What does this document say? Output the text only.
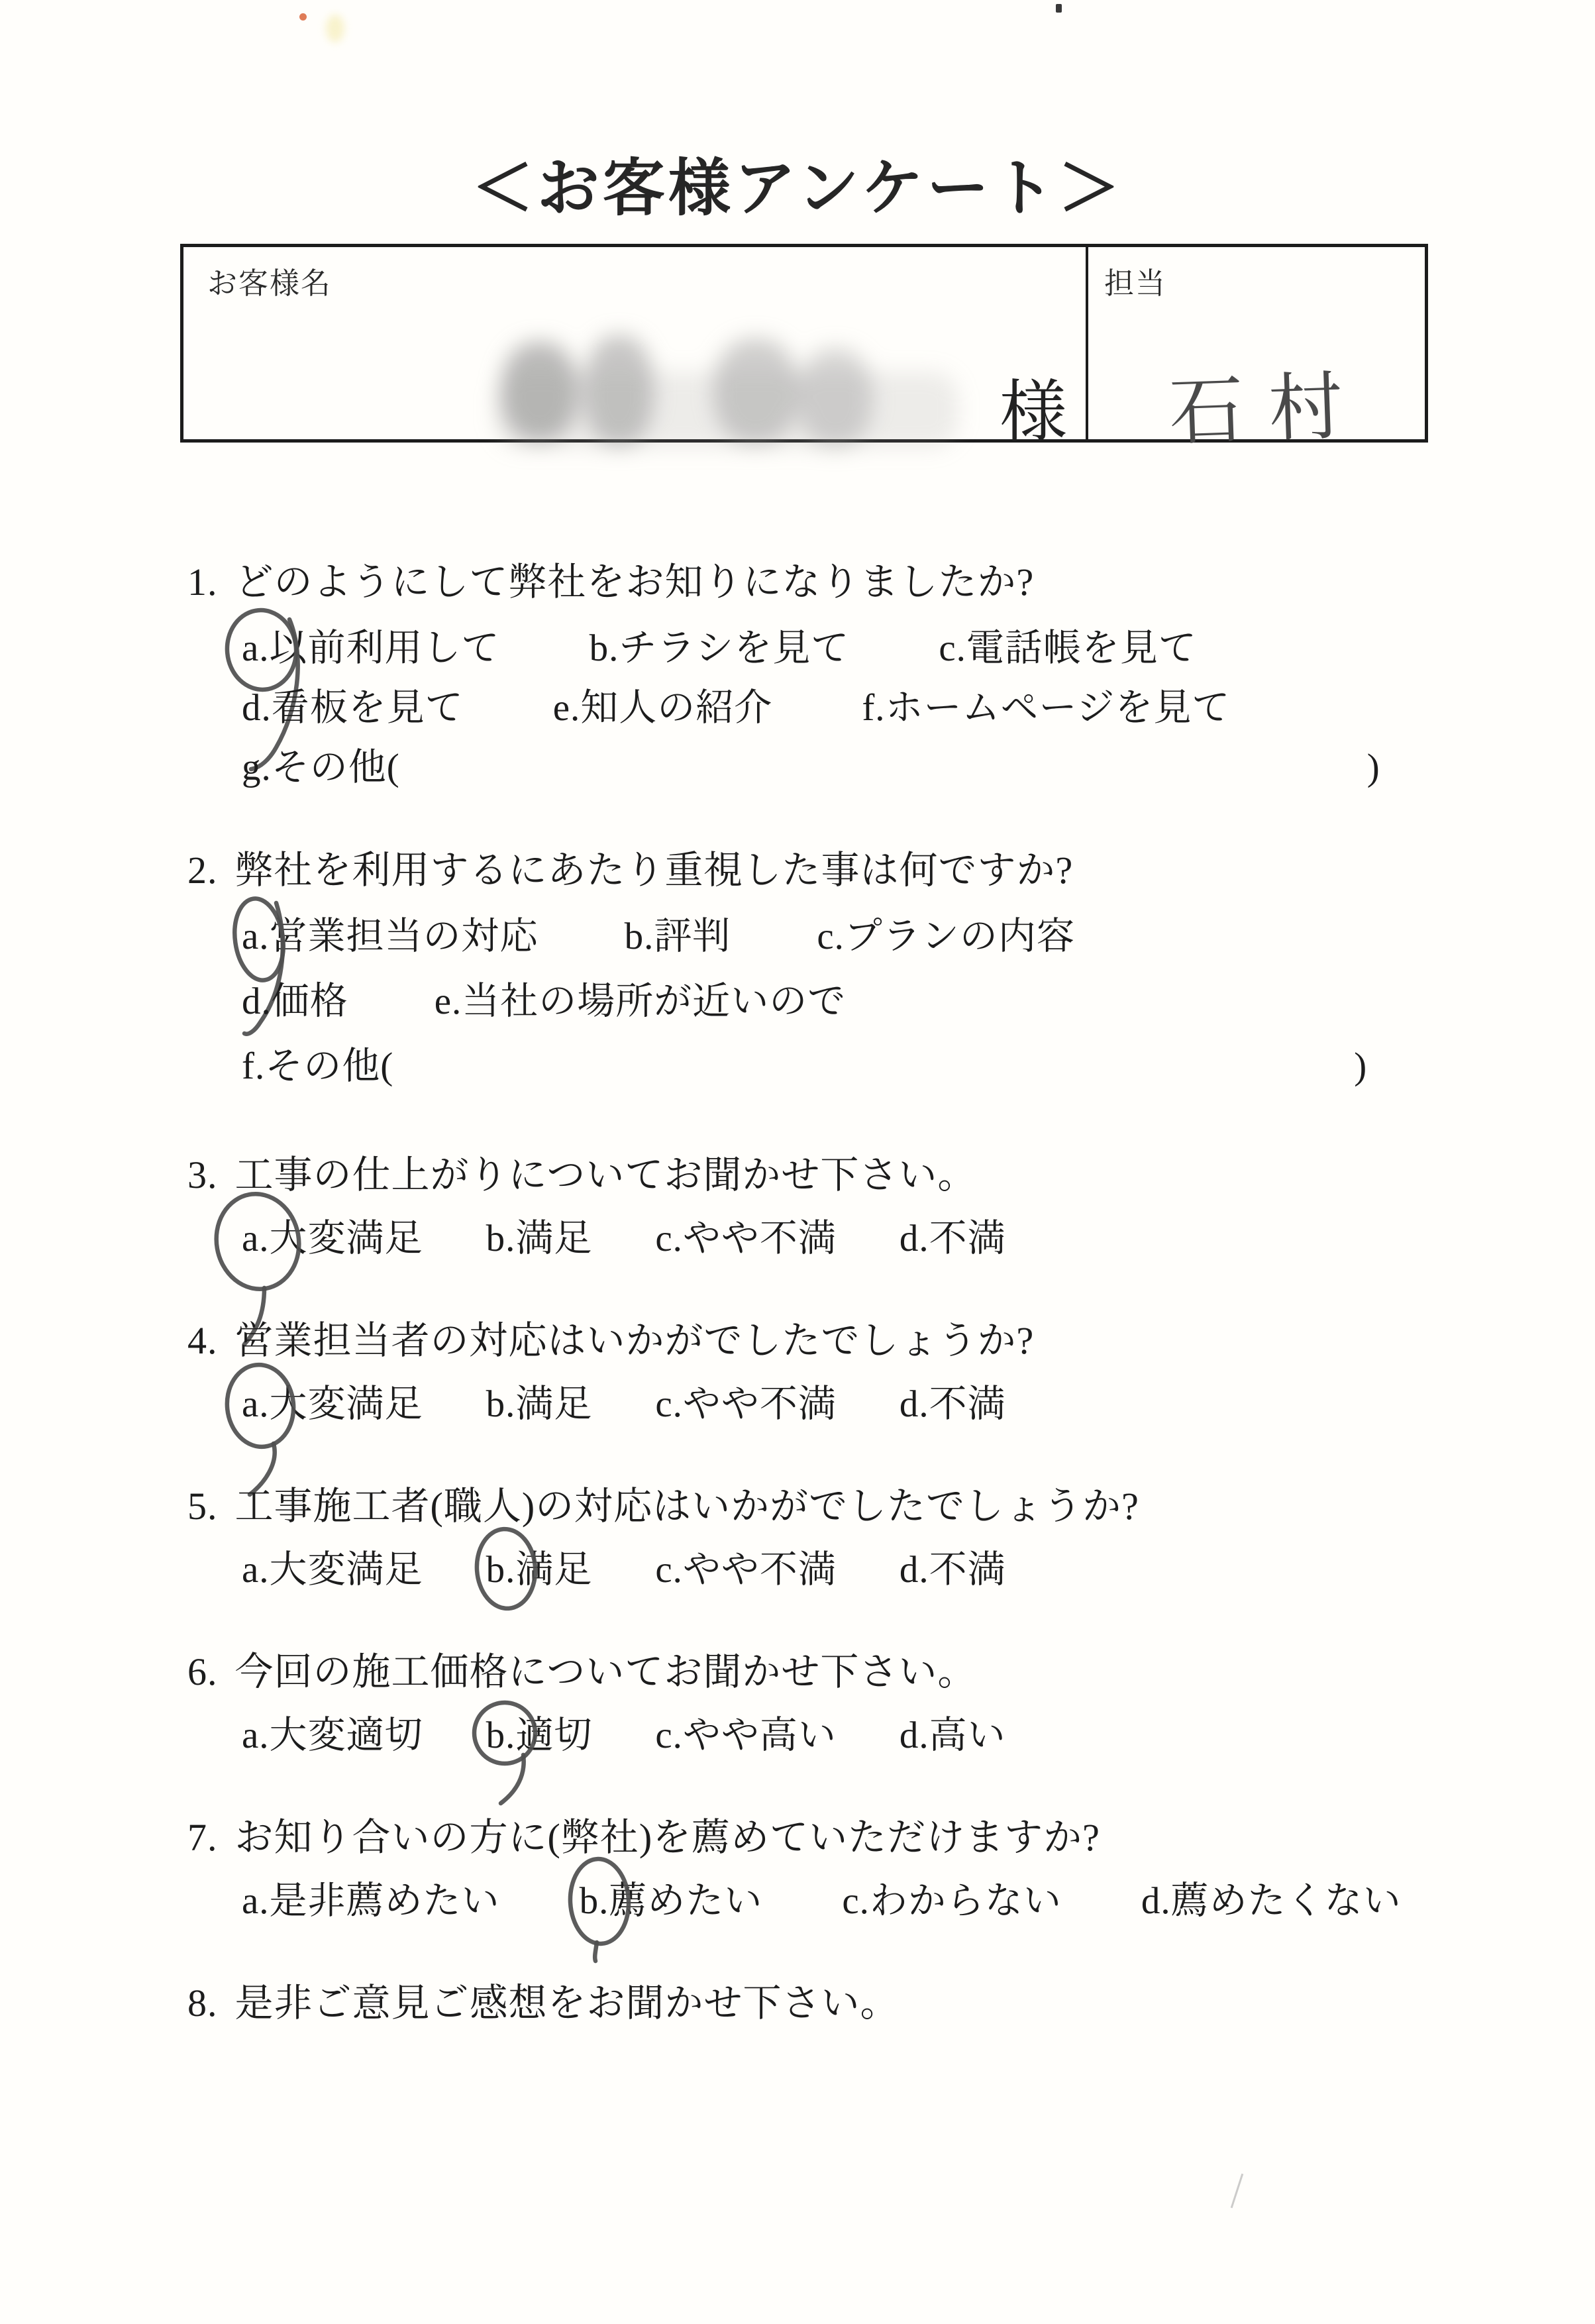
＜お客様アンケート＞
お客様名
様
担当
石村
1. どのようにして弊社をお知りになりましたか?
a.以前利用して b.チラシを見て c.電話帳を見て
d.看板を見て e.知人の紹介 f.ホームページを見て
g.その他(	)
2. 弊社を利用するにあたり重視した事は何ですか?
a.営業担当の対応 b.評判 c.プランの内容
d.価格 e.当社の場所が近いので
f.その他(	)
3. 工事の仕上がりについてお聞かせ下さい。
a.大変満足 b.満足 c.やや不満 d.不満
4. 営業担当者の対応はいかがでしたでしょうか?
a.大変満足 b.満足 c.やや不満 d.不満
5. 工事施工者(職人)の対応はいかがでしたでしょうか?
a.大変満足 b.満足 c.やや不満 d.不満
6. 今回の施工価格についてお聞かせ下さい。
a.大変適切 b.適切 c.やや高い d.高い
7. お知り合いの方に(弊社)を薦めていただけますか?
a.是非薦めたい b.薦めたい c.わからない d.薦めたくない
8. 是非ご意見ご感想をお聞かせ下さい。
